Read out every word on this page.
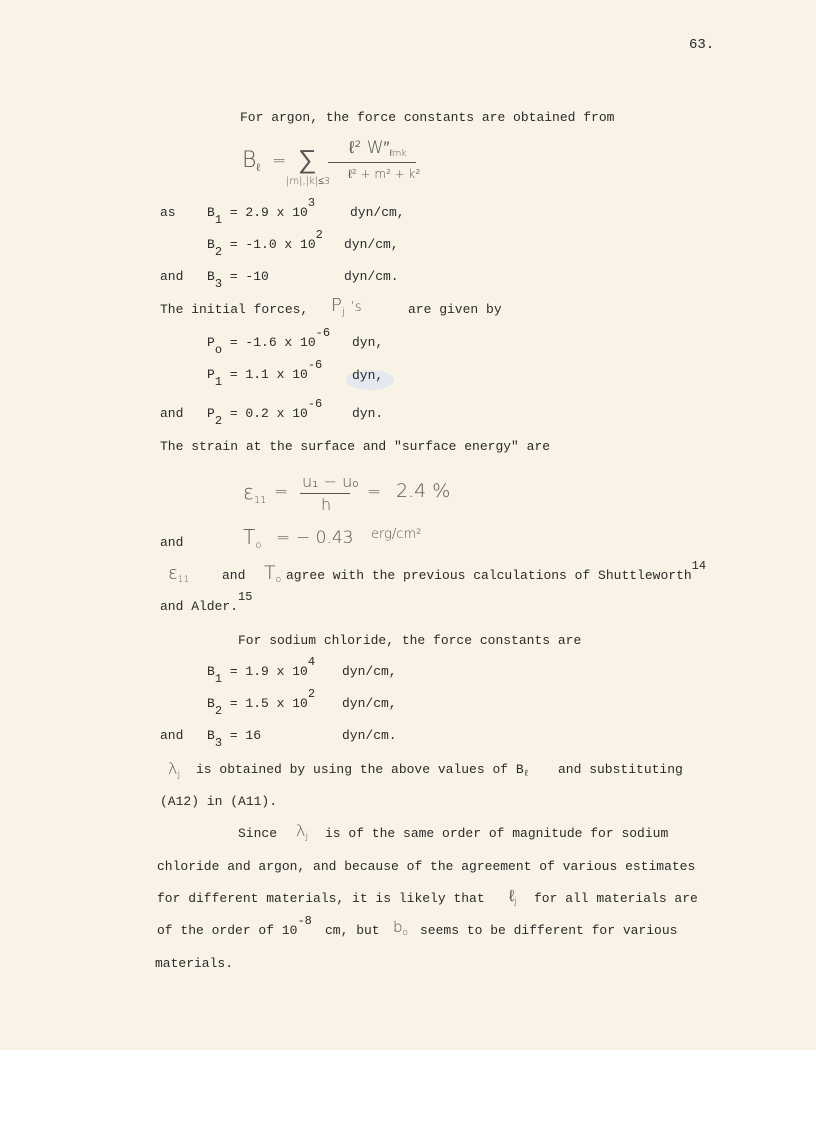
63.
For argon, the force constants are obtained from
$B_\ell$ = ∑
|m|,|k|≤3
ℓ² $W''_{\ell mk}$
ℓ² + m² + k²
as $B_1 = 2.9$ x $10^3$
dyn/cm,
$B_2 = -1.0$ x $10^2$
dyn/cm,
and $B_3 = -10$	dyn/cm.
The initial forces, $P_j$ ’s	are given by
$P_o = -1.6$ x $10^{-6}$
dyn,
$P_1 = 1.1$ x $10^{-6}$
dyn,
and $P_2 = 0.2$ x $10^{-6}$
dyn.
The strain at the surface and "surface energy" are
$\varepsilon_{11}$ =
u₁ − u₀
h
= 2.4 %
and	$T_o$ = − 0.43 erg/cm²
$\varepsilon_{11}$	and $T_o$ agree with the previous calculations of Shuttleworth$^{14}$
and Alder.$^{15}$
For sodium chloride, the force constants are
$B_1 = 1.9$ x $10^4$
dyn/cm,
$B_2 = 1.5$ x $10^2$
dyn/cm,
and $B_3 = 16$	dyn/cm.
$\lambda_j$ is obtained by using the above values of $B_\ell$ and substituting
(A12) in (A11).
Since $\lambda_j$ is of the same order of magnitude for sodium
chloride and argon, and because of the agreement of various estimates
for different materials, it is likely that ℓ$_j$ for all materials are
of the order of $10^{-8}$
cm, but $b_o$ seems to be different for various
materials.
